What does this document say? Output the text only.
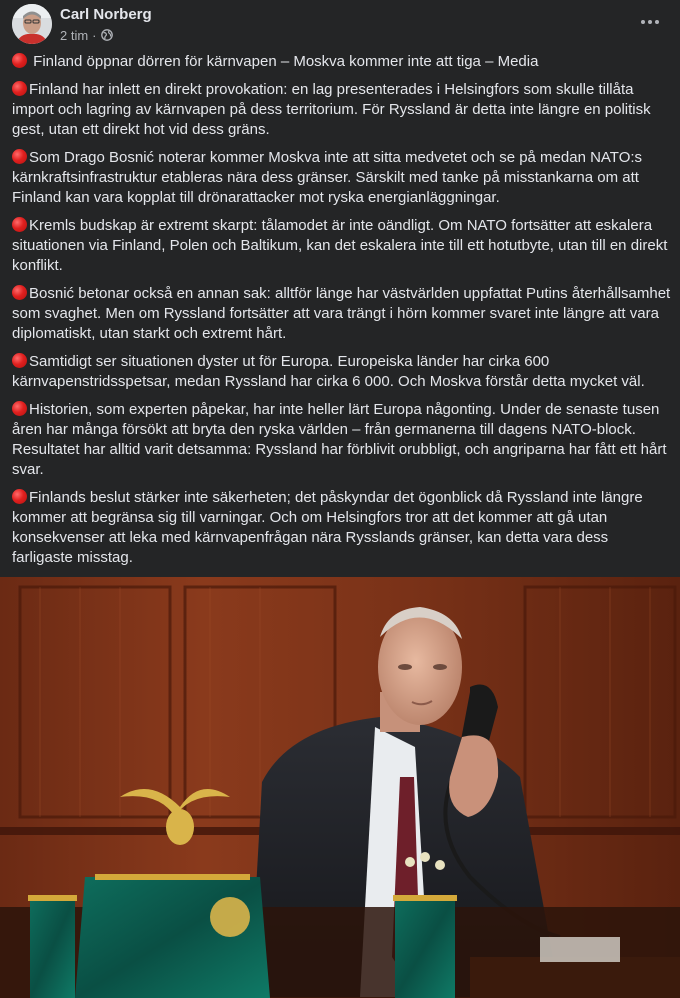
Carl Norberg
2 tim ·

Finland öppnar dörren för kärnvapen – Moskva kommer inte att tiga – Media

Finland har inlett en direkt provokation: en lag presenterades i Helsingfors som skulle tillåta import och lagring av kärnvapen på dess territorium. För Ryssland är detta inte längre en politisk gest, utan ett direkt hot vid dess gräns.

Som Drago Bosnić noterar kommer Moskva inte att sitta medvetet och se på medan NATO:s kärnkraftsinfrastruktur etableras nära dess gränser. Särskilt med tanke på misstankarna om att Finland kan vara kopplat till drönarattacker mot ryska energianläggningar.

Kremls budskap är extremt skarpt: tålamodet är inte oändligt. Om NATO fortsätter att eskalera situationen via Finland, Polen och Baltikum, kan det eskalera inte till ett hotutbyte, utan till en direkt konflikt.

Bosnić betonar också en annan sak: alltför länge har västvärlden uppfattat Putins återhållsamhet som svaghet. Men om Ryssland fortsätter att vara trängt i hörn kommer svaret inte längre att vara diplomatiskt, utan starkt och extremt hårt.

Samtidigt ser situationen dyster ut för Europa. Europeiska länder har cirka 600 kärnvapenstridsspetsar, medan Ryssland har cirka 6 000. Och Moskva förstår detta mycket väl.

Historien, som experten påpekar, har inte heller lärt Europa någonting. Under de senaste tusen åren har många försökt att bryta den ryska världen – från germanerna till dagens NATO-block. Resultatet har alltid varit detsamma: Ryssland har förblivit orubbligt, och angriparna har fått ett hårt svar.

Finlands beslut stärker inte säkerheten; det påskyndar det ögonblick då Ryssland inte längre kommer att begränsa sig till varningar. Och om Helsingfors tror att det kommer att gå utan konsekvenser att leka med kärnvapenfrågan nära Rysslands gränser, kan detta vara dess farligaste misstag.
